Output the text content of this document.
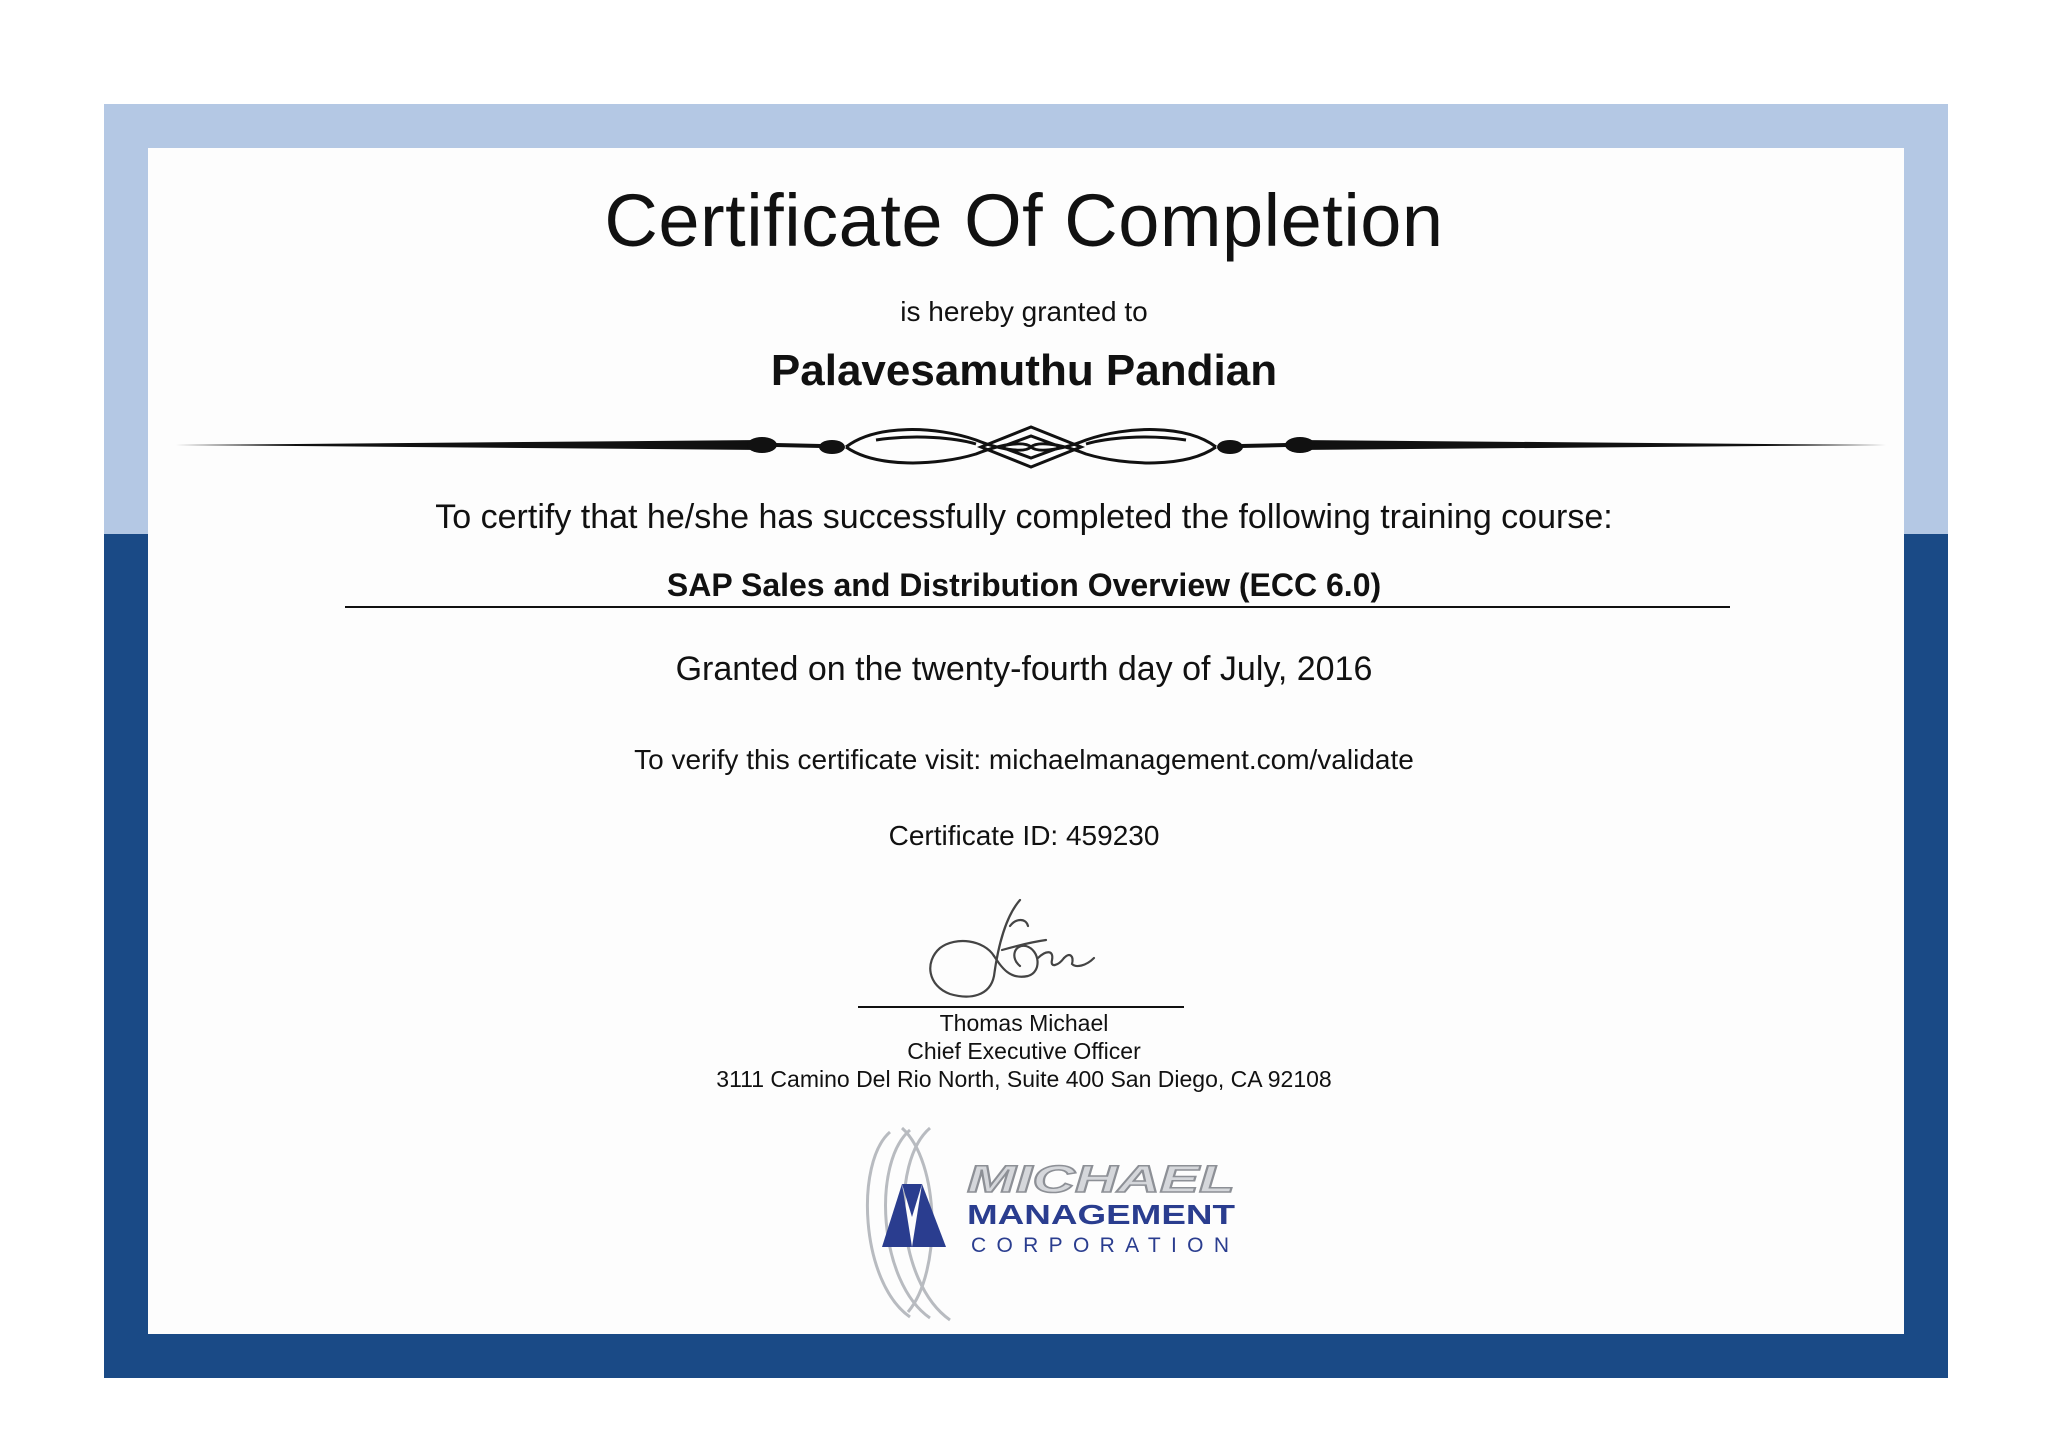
Certificate Of Completion

is hereby granted to

Palavesamuthu Pandian

To certify that he/she has successfully completed the following training course:

SAP Sales and Distribution Overview (ECC 6.0)

Granted on the twenty-fourth day of July, 2016

To verify this certificate visit: michaelmanagement.com/validate

Certificate ID: 459230

Thomas Michael

Chief Executive Officer

3111 Camino Del Rio North, Suite 400 San Diego, CA 92108

MICHAEL
MANAGEMENT
CORPORATION
